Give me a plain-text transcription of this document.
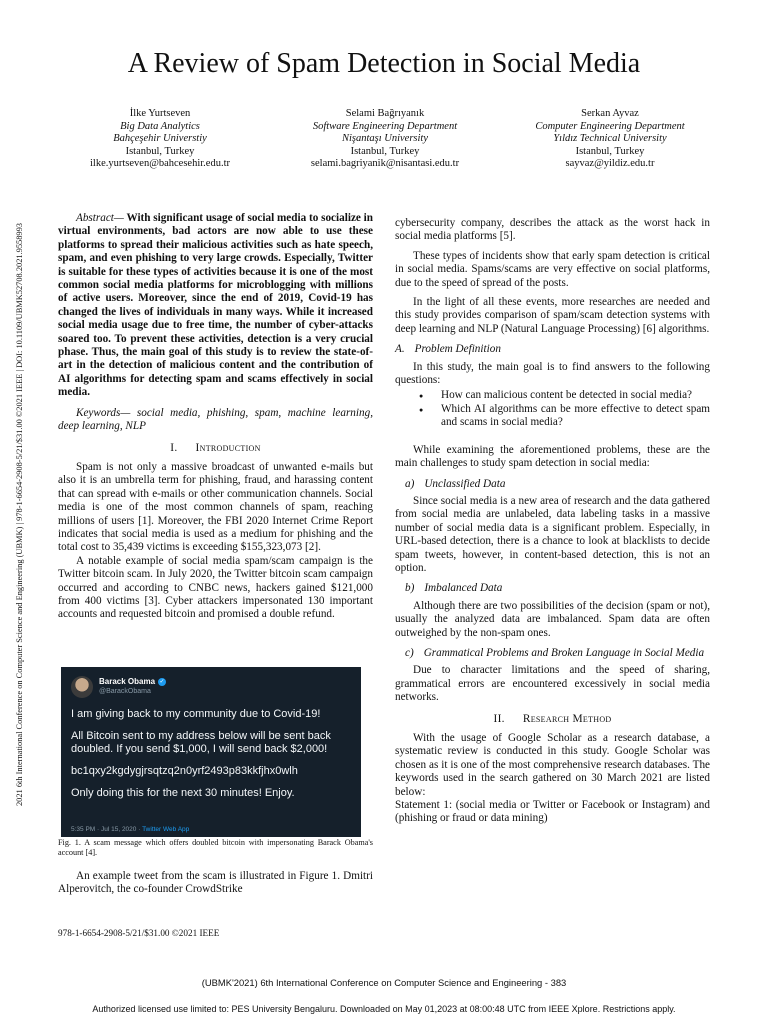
A Review of Spam Detection in Social Media
İlke Yurtseven
Big Data Analytics
Bahçeşehir Universtiy
Istanbul, Turkey
ilke.yurtseven@bahcesehir.edu.tr
Selami Bağrıyanık
Software Engineering Department
Nişantaşı University
Istanbul, Turkey
selami.bagriyanik@nisantasi.edu.tr
Serkan Ayvaz
Computer Engineering Department
Yıldız Technical University
Istanbul, Turkey
sayvaz@yildiz.edu.tr
2021 6th International Conference on Computer Science and Engineering (UBMK) | 978-1-6654-2908-5/21/$31.00 ©2021 IEEE | DOI: 10.1109/UBMK52708.2021.9558993

Abstract— With significant usage of social media to socialize in virtual environments, bad actors are now able to use these platforms to spread their malicious activities such as hate speech, spam, and even phishing to very large crowds. Especially, Twitter is suitable for these types of activities because it is one of the most common social media platforms for microblogging with millions of active users. Moreover, since the end of 2019, Covid-19 has changed the lives of individuals in many ways. While it increased social media usage due to free time, the number of cyber-attacks soared too. To prevent these activities, detection is a very crucial phase. Thus, the main goal of this study is to review the state-of-art in the detection of malicious content and the contribution of AI algorithms for detecting spam and scams effectively in social media.

Keywords— social media, phishing, spam, machine learning, deep learning, NLP

I. Introduction

Spam is not only a massive broadcast of unwanted e-mails but also it is an umbrella term for phishing, fraud, and harassing content that can spread with e-mails or other communication channels. Social media is one of the most common channels of spam, reaching millions of users [1]. Moreover, the FBI 2020 Internet Crime Report indicates that social media is used as a medium for phishing and the total cost to 35,439 victims is exceeding $155,323,073 [2].

A notable example of social media spam/scam campaign is the Twitter bitcoin scam. In July 2020, the Twitter bitcoin scam campaign occurred and according to CNBC news, hackers gained $121,000 from 400 victims [3]. Cyber attackers impersonated 130 important accounts and requested bitcoin and promised a double refund.

Barack Obama ✓
@BarackObama
I am giving back to my community due to Covid-19!
All Bitcoin sent to my address below will be sent back
doubled. If you send $1,000, I will send back $2,000!
bc1qxy2kgdygjrsqtzq2n0yrf2493p83kkfjhx0wlh
Only doing this for the next 30 minutes! Enjoy.
5:35 PM · Jul 15, 2020 · Twitter Web App
Fig. 1. A scam message which offers doubled bitcoin with impersonating Barack Obama's account [4].

An example tweet from the scam is illustrated in Figure 1. Dmitri Alperovitch, the co-founder CrowdStrike

cybersecurity company, describes the attack as the worst hack in social media platforms [5].

These types of incidents show that early spam detection is critical in social media. Spams/scams are very effective on social platforms, due to the speed of spread of the posts.

In the light of all these events, more researches are needed and this study provides comparison of spam/scam detection systems with deep learning and NLP (Natural Language Processing) [6] algorithms.

A. Problem Definition

In this study, the main goal is to find answers to the following questions:

● How can malicious content be detected in social media?
● Which AI algorithms can be more effective to detect spam and scams in social media?

While examining the aforementioned problems, these are the main challenges to study spam detection in social media:

a) Unclassified Data

Since social media is a new area of research and the data gathered from social media are unlabeled, data labeling tasks in a massive number of social media data is a significant problem. Especially, in URL-based detection, there is a chance to look at blacklists to decide spam tweets, however, in content-based detection, this is not an option.

b) Imbalanced Data

Although there are two possibilities of the decision (spam or not), usually the analyzed data are imbalanced. Spam data are often outweighed by the non-spam ones.

c) Grammatical Problems and Broken Language in Social Media

Due to character limitations and the speed of sharing, grammatical errors are encountered excessively in social media networks.

II. Research Method

With the usage of Google Scholar as a research database, a systematic review is conducted in this study. Google Scholar was chosen as it is one of the most comprehensive research databases. The keywords used in the search gathered on 30 March 2021 are listed below:

Statement 1: (social media or Twitter or Facebook or Instagram) and (phishing or fraud or data mining)

978-1-6654-2908-5/21/$31.00 ©2021 IEEE
(UBMK'2021) 6th International Conference on Computer Science and Engineering - 383
Authorized licensed use limited to: PES University Bengaluru. Downloaded on May 01,2023 at 08:00:48 UTC from IEEE Xplore. Restrictions apply.
